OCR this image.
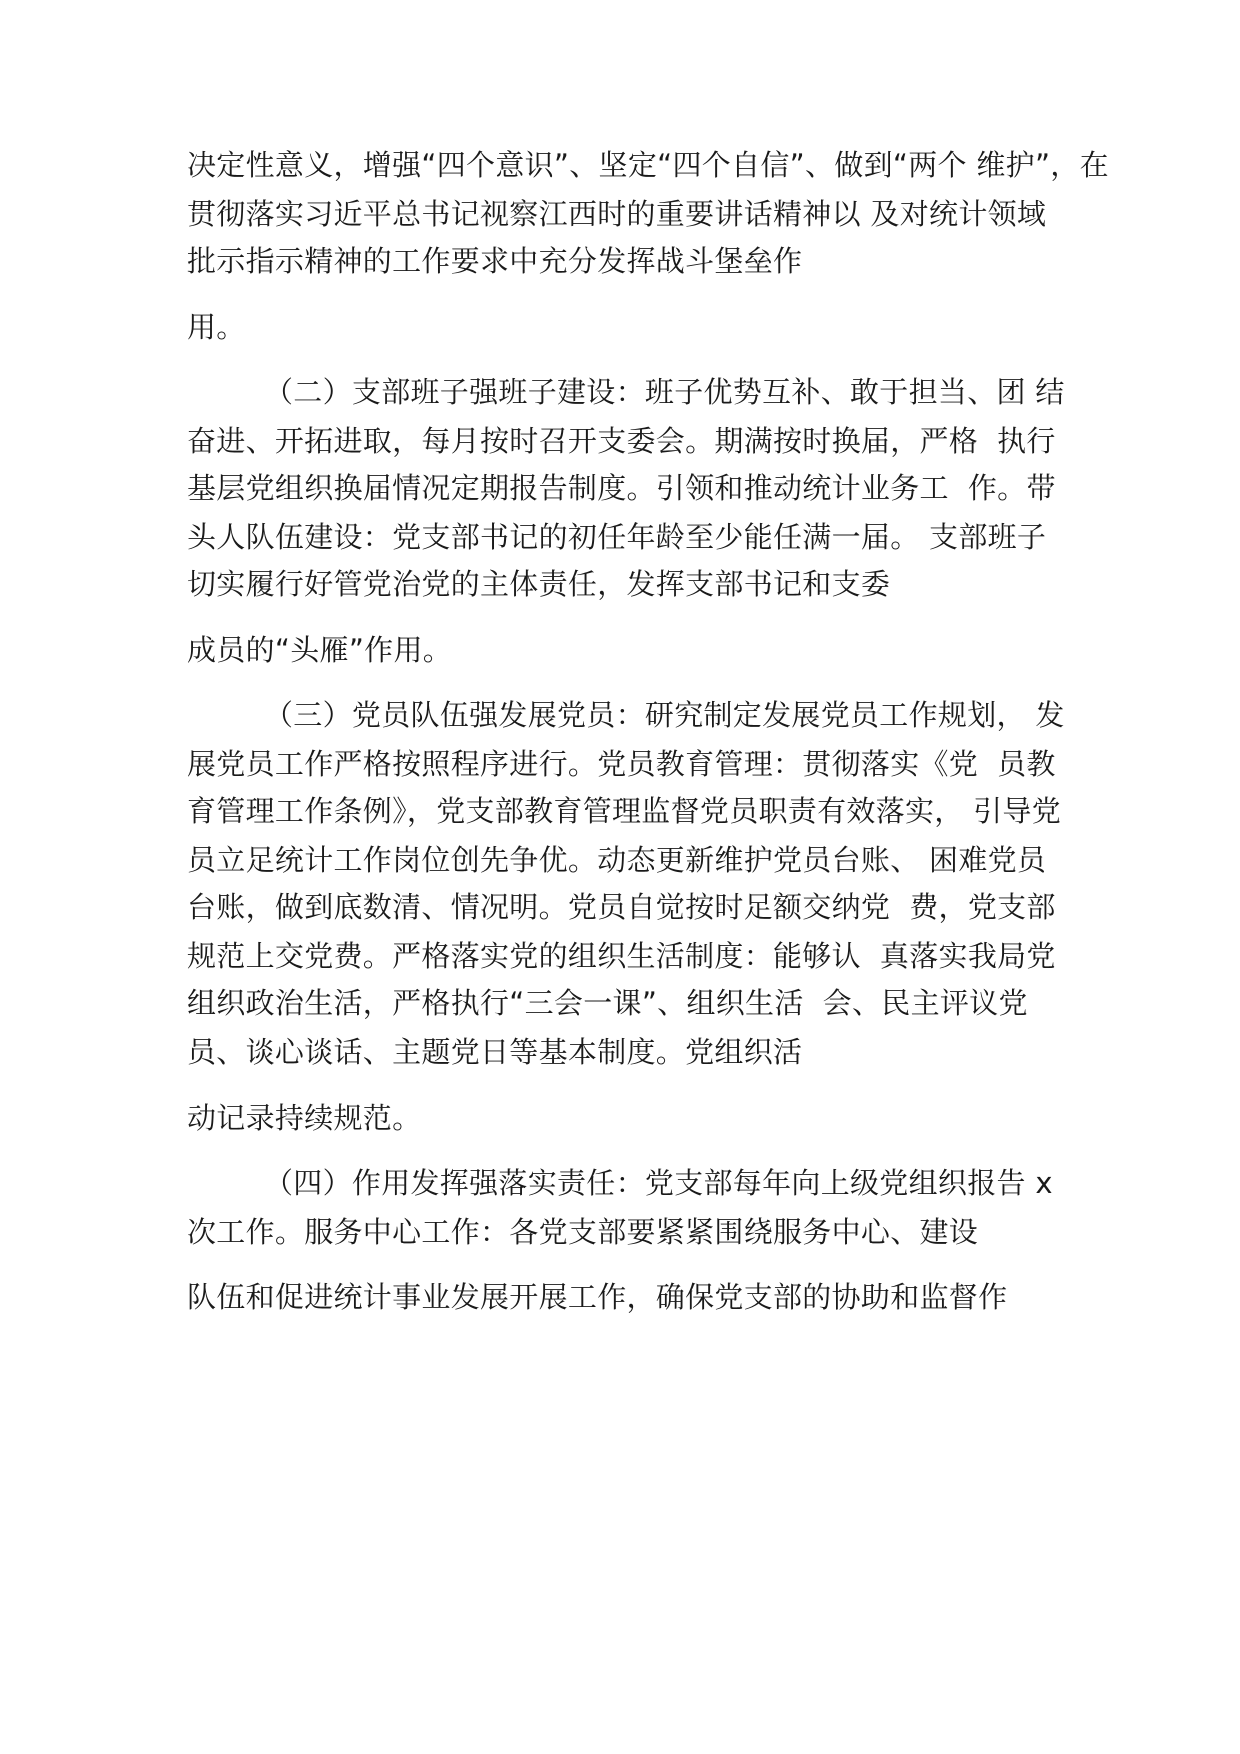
决定性意义，增强“四个意识”、坚定“四个自信”、做到“两个 维护”，在
贯彻落实习近平总书记视察江西时的重要讲话精神以 及对统计领域
批示指示精神的工作要求中充分发挥战斗堡垒作
用。
（二）支部班子强班子建设：班子优势互补、敢于担当、团 结
奋进、开拓进取，每月按时召开支委会。期满按时换届，严格  执行
基层党组织换届情况定期报告制度。引领和推动统计业务工  作。带
头人队伍建设：党支部书记的初任年龄至少能任满一届。 支部班子
切实履行好管党治党的主体责任，发挥支部书记和支委
成员的“头雁”作用。
（三）党员队伍强发展党员：研究制定发展党员工作规划， 发
展党员工作严格按照程序进行。党员教育管理：贯彻落实《党  员教
育管理工作条例》，党支部教育管理监督党员职责有效落实， 引导党
员立足统计工作岗位创先争优。动态更新维护党员台账、 困难党员
台账，做到底数清、情况明。党员自觉按时足额交纳党  费，党支部
规范上交党费。严格落实党的组织生活制度：能够认  真落实我局党
组织政治生活，严格执行“三会一课”、组织生活  会、民主评议党
员、谈心谈话、主题党日等基本制度。党组织活
动记录持续规范。
（四）作用发挥强落实责任：党支部每年向上级党组织报告 x
次工作。服务中心工作：各党支部要紧紧围绕服务中心、建设
队伍和促进统计事业发展开展工作，确保党支部的协助和监督作
